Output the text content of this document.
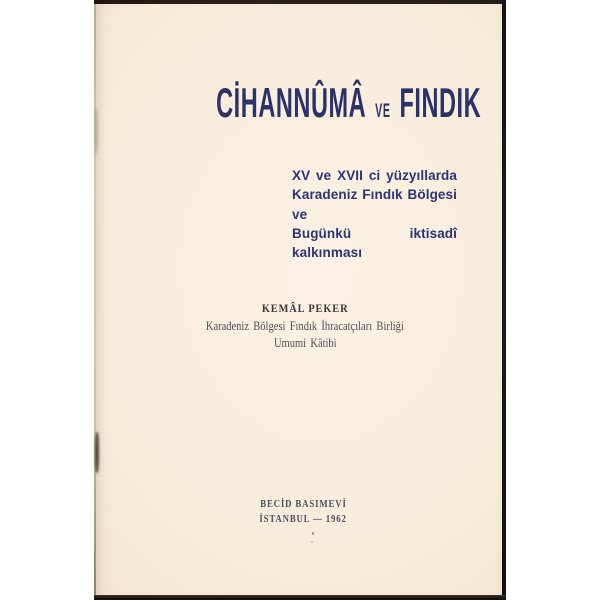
CİHANNÛMÂ VE FINDIK
XV ve XVII ci yüzyıllarda
Karadeniz Fındık Bölgesi ve
Bugünkü iktisadî kalkınması
KEMÂL PEKER
Karadeniz Bölgesi Fındık İhracatçıları Birliği
Umumi Kâtibi
BECİD BASIMEVİ
İSTANBUL — 1962
